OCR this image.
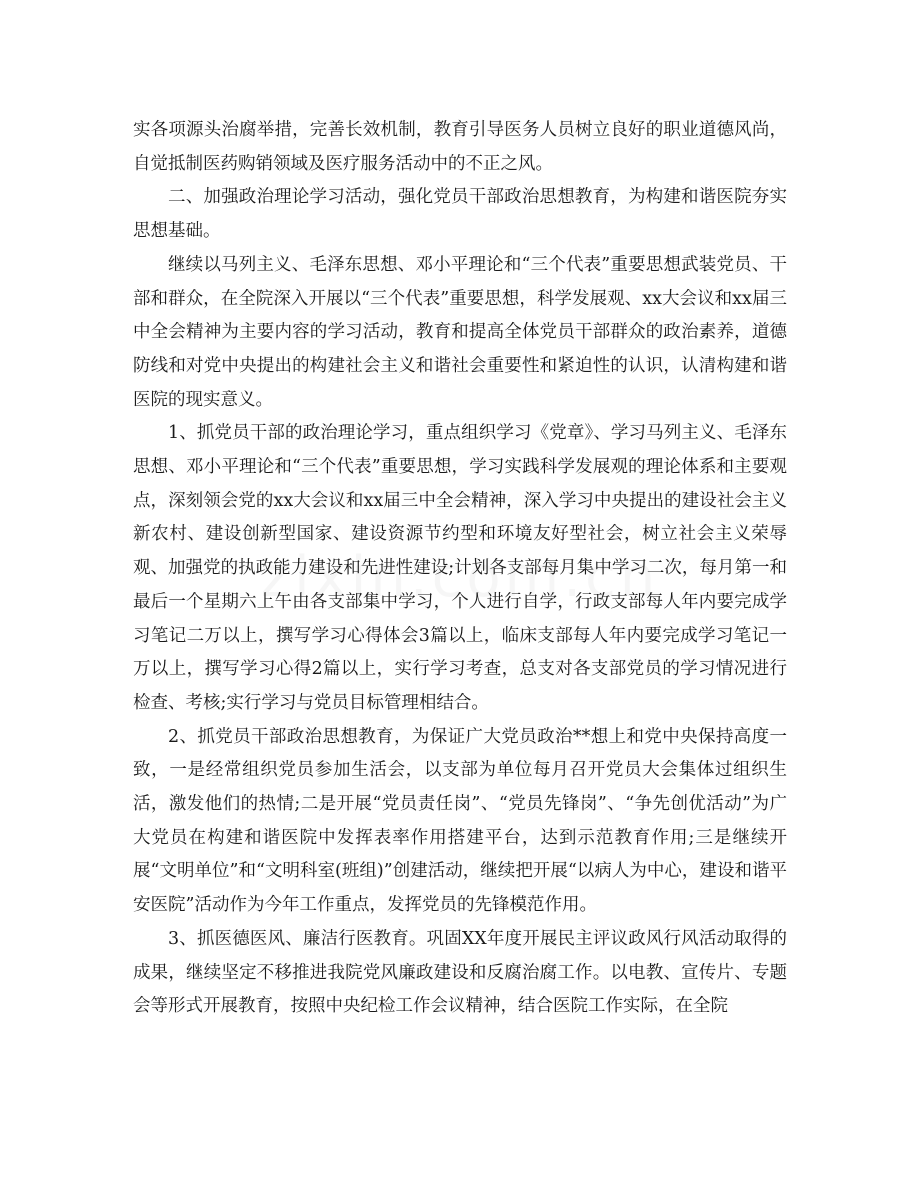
实各项源头治腐举措，完善长效机制，教育引导医务人员树立良好的职业道德风尚，自觉抵制医药购销领域及医疗服务活动中的不正之风。

二、加强政治理论学习活动，强化党员干部政治思想教育，为构建和谐医院夯实思想基础。

继续以马列主义、毛泽东思想、邓小平理论和“三个代表”重要思想武装党员、干部和群众，在全院深入开展以“三个代表”重要思想，科学发展观、xx大会议和xx届三中全会精神为主要内容的学习活动，教育和提高全体党员干部群众的政治素养，道德防线和对党中央提出的构建社会主义和谐社会重要性和紧迫性的认识，认清构建和谐医院的现实意义。

1、抓党员干部的政治理论学习，重点组织学习《党章》、学习马列主义、毛泽东思想、邓小平理论和“三个代表”重要思想，学习实践科学发展观的理论体系和主要观点，深刻领会党的xx大会议和xx届三中全会精神，深入学习中央提出的建设社会主义新农村、建设创新型国家、建设资源节约型和环境友好型社会，树立社会主义荣辱观、加强党的执政能力建设和先进性建设;计划各支部每月集中学习二次，每月第一和最后一个星期六上午由各支部集中学习，个人进行自学，行政支部每人年内要完成学习笔记二万以上，撰写学习心得体会3篇以上，临床支部每人年内要完成学习笔记一万以上，撰写学习心得2篇以上，实行学习考查，总支对各支部党员的学习情况进行检查、考核;实行学习与党员目标管理相结合。

2、抓党员干部政治思想教育，为保证广大党员政治**想上和党中央保持高度一致，一是经常组织党员参加生活会，以支部为单位每月召开党员大会集体过组织生活，激发他们的热情;二是开展“党员责任岗”、“党员先锋岗”、“争先创优活动”为广大党员在构建和谐医院中发挥表率作用搭建平台，达到示范教育作用;三是继续开展“文明单位”和“文明科室(班组)”创建活动，继续把开展“以病人为中心，建设和谐平安医院”活动作为今年工作重点，发挥党员的先锋模范作用。

3、抓医德医风、廉洁行医教育。巩固XX年度开展民主评议政风行风活动取得的成果，继续坚定不移推进我院党风廉政建设和反腐治腐工作。以电教、宣传片、专题会等形式开展教育，按照中央纪检工作会议精神，结合医院工作实际，在全院
